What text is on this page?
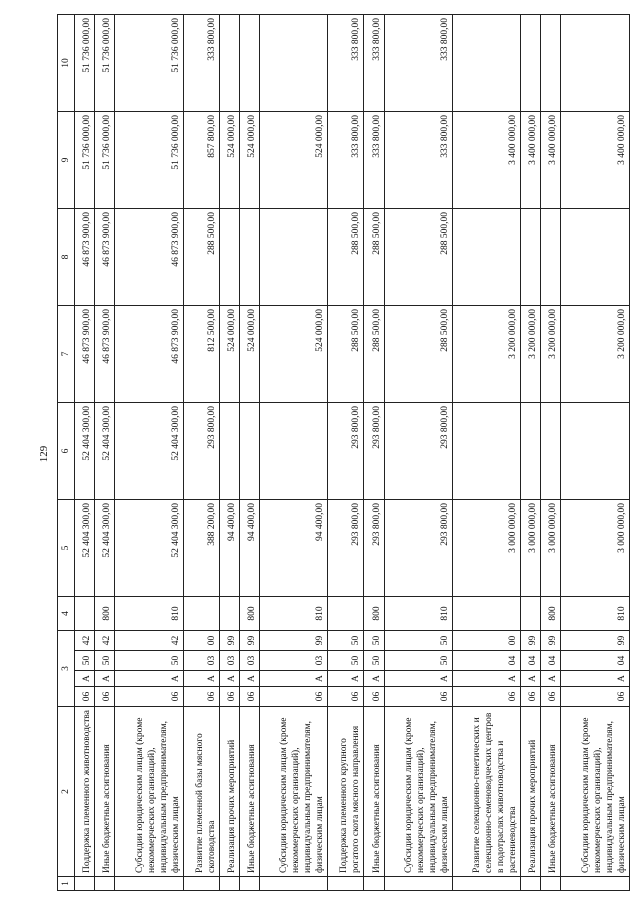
129
1	2	3				4	5	6	7	8	9	10
	Поддержка племенного животноводства	06	А	50	42		52 404 300,00	52 404 300,00	46 873 900,00	46 873 900,00	51 736 000,00	51 736 000,00
	Иные бюджетные ассигнования	06	А	50	42	800	52 404 300,00	52 404 300,00	46 873 900,00	46 873 900,00	51 736 000,00	51 736 000,00
	Субсидии юридическим лицам (кроме некоммерческих организаций), индивидуальным предпринимателям, физическим лицам	06	А	50	42	810	52 404 300,00	52 404 300,00	46 873 900,00	46 873 900,00	51 736 000,00	51 736 000,00
	Развитие племенной базы мясного скотоводства	06	А	03	00		388 200,00	293 800,00	812 500,00	288 500,00	857 800,00	333 800,00
	Реализация прочих мероприятий	06	А	03	99		94 400,00		524 000,00		524 000,00	
	Иные бюджетные ассигнования	06	А	03	99	800	94 400,00		524 000,00		524 000,00	
	Субсидии юридическим лицам (кроме некоммерческих организаций), индивидуальным предпринимателям, физическим лицам	06	А	03	99	810	94 400,00		524 000,00		524 000,00	
	Поддержка племенного крупного рогатого скота мясного направления	06	А	50	50		293 800,00	293 800,00	288 500,00	288 500,00	333 800,00	333 800,00
	Иные бюджетные ассигнования	06	А	50	50	800	293 800,00	293 800,00	288 500,00	288 500,00	333 800,00	333 800,00
	Субсидии юридическим лицам (кроме некоммерческих организаций), индивидуальным предпринимателям, физическим лицам	06	А	50	50	810	293 800,00	293 800,00	288 500,00	288 500,00	333 800,00	333 800,00
	Развитие селекционно-генетических и селекционно-семеноводческих центров в подотраслях животноводства и растениеводства	06	А	04	00		3 000 000,00		3 200 000,00		3 400 000,00	
	Реализация прочих мероприятий	06	А	04	99		3 000 000,00		3 200 000,00		3 400 000,00	
	Иные бюджетные ассигнования	06	А	04	99	800	3 000 000,00		3 200 000,00		3 400 000,00	
	Субсидии юридическим лицам (кроме некоммерческих организаций), индивидуальным предпринимателям, физическим лицам	06	А	04	99	810	3 000 000,00		3 200 000,00		3 400 000,00	
